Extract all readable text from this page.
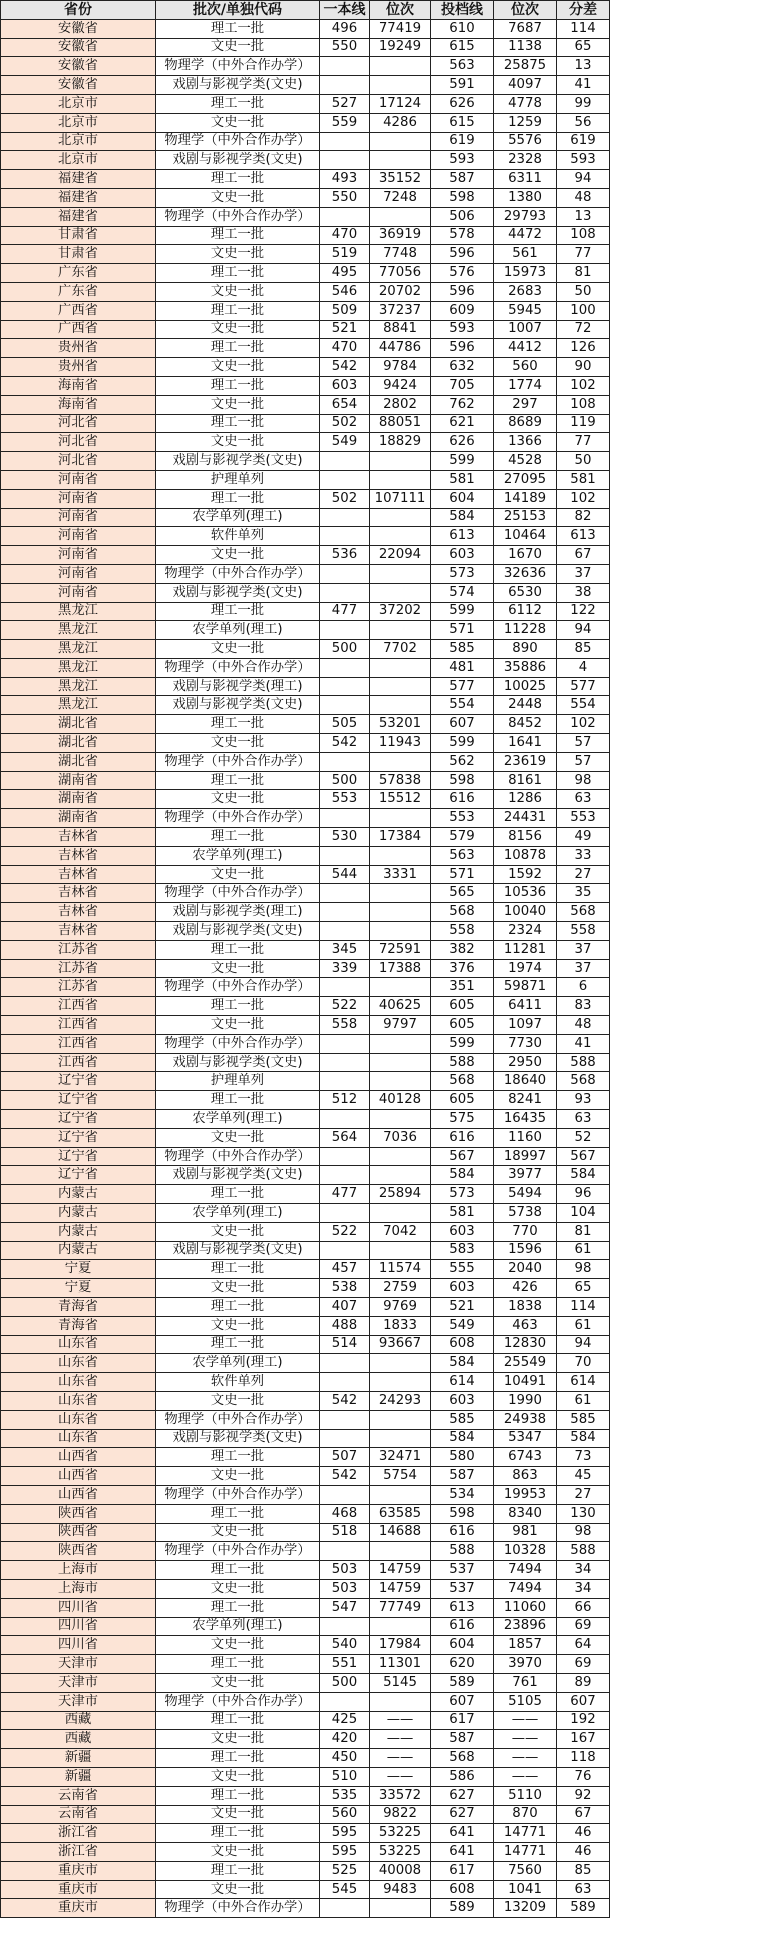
省份	批次/单独代码	一本线	位次	投档线	位次	分差
安徽省	理工一批	496	77419	610	7687	114
安徽省	文史一批	550	19249	615	1138	65
安徽省	物理学（中外合作办学）			563	25875	13
安徽省	戏剧与影视学类(文史)			591	4097	41
北京市	理工一批	527	17124	626	4778	99
北京市	文史一批	559	4286	615	1259	56
北京市	物理学（中外合作办学）			619	5576	619
北京市	戏剧与影视学类(文史)			593	2328	593
福建省	理工一批	493	35152	587	6311	94
福建省	文史一批	550	7248	598	1380	48
福建省	物理学（中外合作办学）			506	29793	13
甘肃省	理工一批	470	36919	578	4472	108
甘肃省	文史一批	519	7748	596	561	77
广东省	理工一批	495	77056	576	15973	81
广东省	文史一批	546	20702	596	2683	50
广西省	理工一批	509	37237	609	5945	100
广西省	文史一批	521	8841	593	1007	72
贵州省	理工一批	470	44786	596	4412	126
贵州省	文史一批	542	9784	632	560	90
海南省	理工一批	603	9424	705	1774	102
海南省	文史一批	654	2802	762	297	108
河北省	理工一批	502	88051	621	8689	119
河北省	文史一批	549	18829	626	1366	77
河北省	戏剧与影视学类(文史)			599	4528	50
河南省	护理单列			581	27095	581
河南省	理工一批	502	107111	604	14189	102
河南省	农学单列(理工)			584	25153	82
河南省	软件单列			613	10464	613
河南省	文史一批	536	22094	603	1670	67
河南省	物理学（中外合作办学）			573	32636	37
河南省	戏剧与影视学类(文史)			574	6530	38
黑龙江	理工一批	477	37202	599	6112	122
黑龙江	农学单列(理工)			571	11228	94
黑龙江	文史一批	500	7702	585	890	85
黑龙江	物理学（中外合作办学）			481	35886	4
黑龙江	戏剧与影视学类(理工)			577	10025	577
黑龙江	戏剧与影视学类(文史)			554	2448	554
湖北省	理工一批	505	53201	607	8452	102
湖北省	文史一批	542	11943	599	1641	57
湖北省	物理学（中外合作办学）			562	23619	57
湖南省	理工一批	500	57838	598	8161	98
湖南省	文史一批	553	15512	616	1286	63
湖南省	物理学（中外合作办学）			553	24431	553
吉林省	理工一批	530	17384	579	8156	49
吉林省	农学单列(理工)			563	10878	33
吉林省	文史一批	544	3331	571	1592	27
吉林省	物理学（中外合作办学）			565	10536	35
吉林省	戏剧与影视学类(理工)			568	10040	568
吉林省	戏剧与影视学类(文史)			558	2324	558
江苏省	理工一批	345	72591	382	11281	37
江苏省	文史一批	339	17388	376	1974	37
江苏省	物理学（中外合作办学）			351	59871	6
江西省	理工一批	522	40625	605	6411	83
江西省	文史一批	558	9797	605	1097	48
江西省	物理学（中外合作办学）			599	7730	41
江西省	戏剧与影视学类(文史)			588	2950	588
辽宁省	护理单列			568	18640	568
辽宁省	理工一批	512	40128	605	8241	93
辽宁省	农学单列(理工)			575	16435	63
辽宁省	文史一批	564	7036	616	1160	52
辽宁省	物理学（中外合作办学）			567	18997	567
辽宁省	戏剧与影视学类(文史)			584	3977	584
内蒙古	理工一批	477	25894	573	5494	96
内蒙古	农学单列(理工)			581	5738	104
内蒙古	文史一批	522	7042	603	770	81
内蒙古	戏剧与影视学类(文史)			583	1596	61
宁夏	理工一批	457	11574	555	2040	98
宁夏	文史一批	538	2759	603	426	65
青海省	理工一批	407	9769	521	1838	114
青海省	文史一批	488	1833	549	463	61
山东省	理工一批	514	93667	608	12830	94
山东省	农学单列(理工)			584	25549	70
山东省	软件单列			614	10491	614
山东省	文史一批	542	24293	603	1990	61
山东省	物理学（中外合作办学）			585	24938	585
山东省	戏剧与影视学类(文史)			584	5347	584
山西省	理工一批	507	32471	580	6743	73
山西省	文史一批	542	5754	587	863	45
山西省	物理学（中外合作办学）			534	19953	27
陕西省	理工一批	468	63585	598	8340	130
陕西省	文史一批	518	14688	616	981	98
陕西省	物理学（中外合作办学）			588	10328	588
上海市	理工一批	503	14759	537	7494	34
上海市	文史一批	503	14759	537	7494	34
四川省	理工一批	547	77749	613	11060	66
四川省	农学单列(理工)			616	23896	69
四川省	文史一批	540	17984	604	1857	64
天津市	理工一批	551	11301	620	3970	69
天津市	文史一批	500	5145	589	761	89
天津市	物理学（中外合作办学）			607	5105	607
西藏	理工一批	425	——	617	——	192
西藏	文史一批	420	——	587	——	167
新疆	理工一批	450	——	568	——	118
新疆	文史一批	510	——	586	——	76
云南省	理工一批	535	33572	627	5110	92
云南省	文史一批	560	9822	627	870	67
浙江省	理工一批	595	53225	641	14771	46
浙江省	文史一批	595	53225	641	14771	46
重庆市	理工一批	525	40008	617	7560	85
重庆市	文史一批	545	9483	608	1041	63
重庆市	物理学（中外合作办学）			589	13209	589
